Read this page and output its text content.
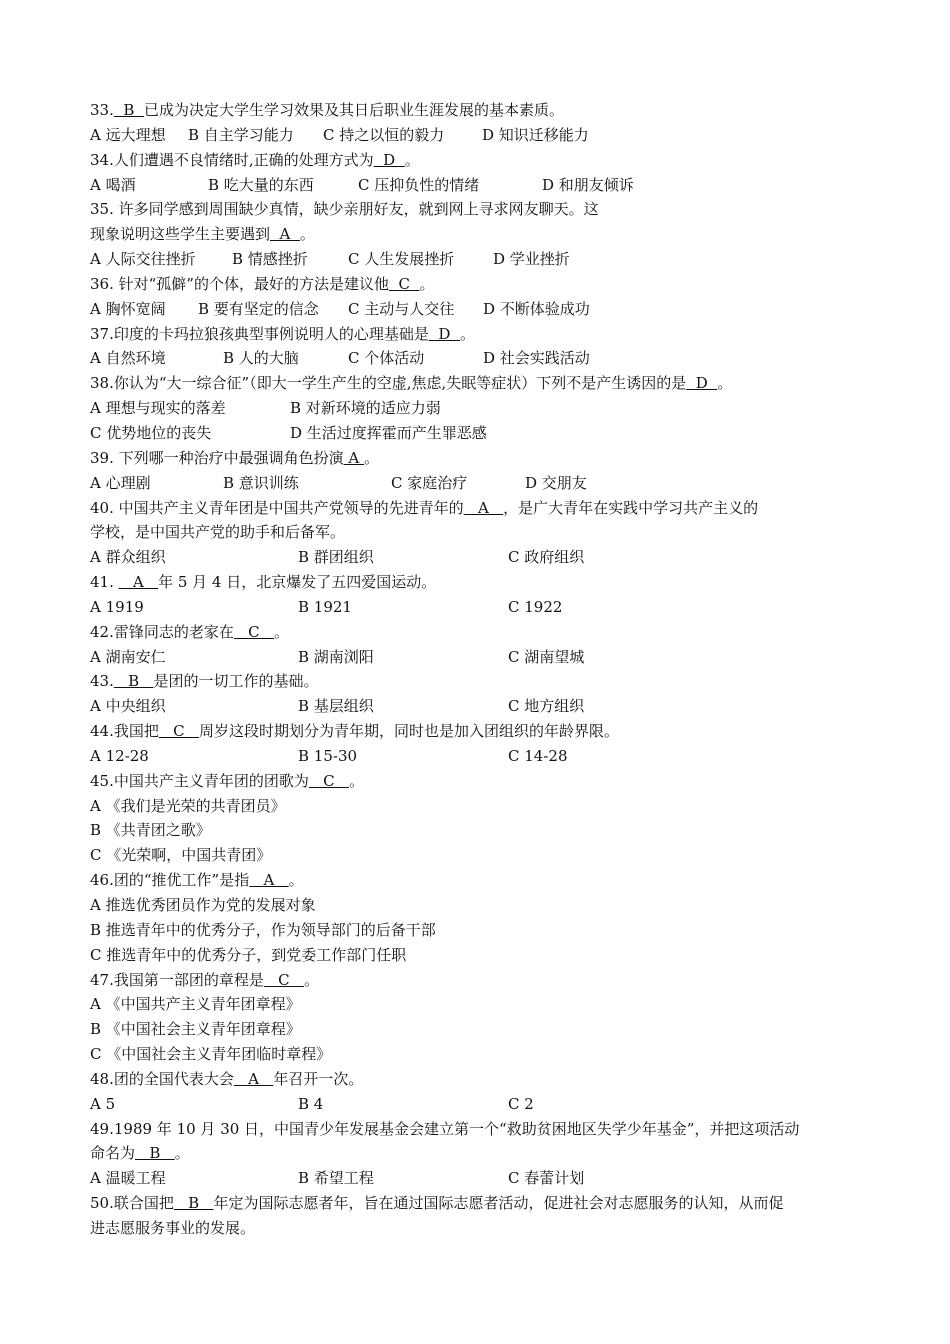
33.  B  已成为决定大学生学习效果及其日后职业生涯发展的基本素质。
A 远大理想 B 自主学习能力 C 持之以恒的毅力	D 知识迁移能力
34.人们遭遇不良情绪时,正确的处理方式为  D  。
A 喝酒	B 吃大量的东西	C 压抑负性的情绪	D 和朋友倾诉
35. 许多同学感到周围缺少真情，缺少亲朋好友，就到网上寻求网友聊天。这
现象说明这些学生主要遇到  A  。
A 人际交往挫折 B 情感挫折	C 人生发展挫折	D 学业挫折
36. 针对“孤僻”的个体，最好的方法是建议他  C  。
A 胸怀宽阔 B 要有坚定的信念 C 主动与人交往 D 不断体验成功
37.印度的卡玛拉狼孩典型事例说明人的心理基础是  D  。
A 自然环境	B 人的大脑	C 个体活动	D 社会实践活动
38.你认为“大一综合征”（即大一学生产生的空虚,焦虑,失眠等症状）下列不是产生诱因的是  D  。
A 理想与现实的落差	B 对新环境的适应力弱
C 优势地位的丧失	D 生活过度挥霍而产生罪恶感
39. 下列哪一种治疗中最强调角色扮演 A 。
A 心理剧	B 意识训练	C 家庭治疗	D 交朋友
40. 中国共产主义青年团是中国共产党领导的先进青年的   A   ，是广大青年在实践中学习共产主义的
学校，是中国共产党的助手和后备军。
A 群众组织	B 群团组织	C 政府组织
41.    A   年 5 月 4 日，北京爆发了五四爱国运动。
A 1919	B 1921	C 1922
42.雷锋同志的老家在   C   。
A 湖南安仁	B 湖南浏阳	C 湖南望城
43.   B   是团的一切工作的基础。
A 中央组织	B 基层组织	C 地方组织
44.我国把   C   周岁这段时期划分为青年期，同时也是加入团组织的年龄界限。
A 12-28	B 15-30	C 14-28
45.中国共产主义青年团的团歌为   C   。
A 《我们是光荣的共青团员》
B 《共青团之歌》
C 《光荣啊，中国共青团》
46.团的“推优工作”是指   A   。
A 推选优秀团员作为党的发展对象
B 推选青年中的优秀分子，作为领导部门的后备干部
C 推选青年中的优秀分子，到党委工作部门任职
47.我国第一部团的章程是   C   。
A 《中国共产主义青年团章程》
B 《中国社会主义青年团章程》
C 《中国社会主义青年团临时章程》
48.团的全国代表大会   A   年召开一次。
A 5	B 4	C 2
49.1989 年 10 月 30 日，中国青少年发展基金会建立第一个“救助贫困地区失学少年基金”，并把这项活动
命名为   B   。
A 温暖工程	B 希望工程	C 春蕾计划
50.联合国把   B   年定为国际志愿者年，旨在通过国际志愿者活动，促进社会对志愿服务的认知，从而促
进志愿服务事业的发展。
